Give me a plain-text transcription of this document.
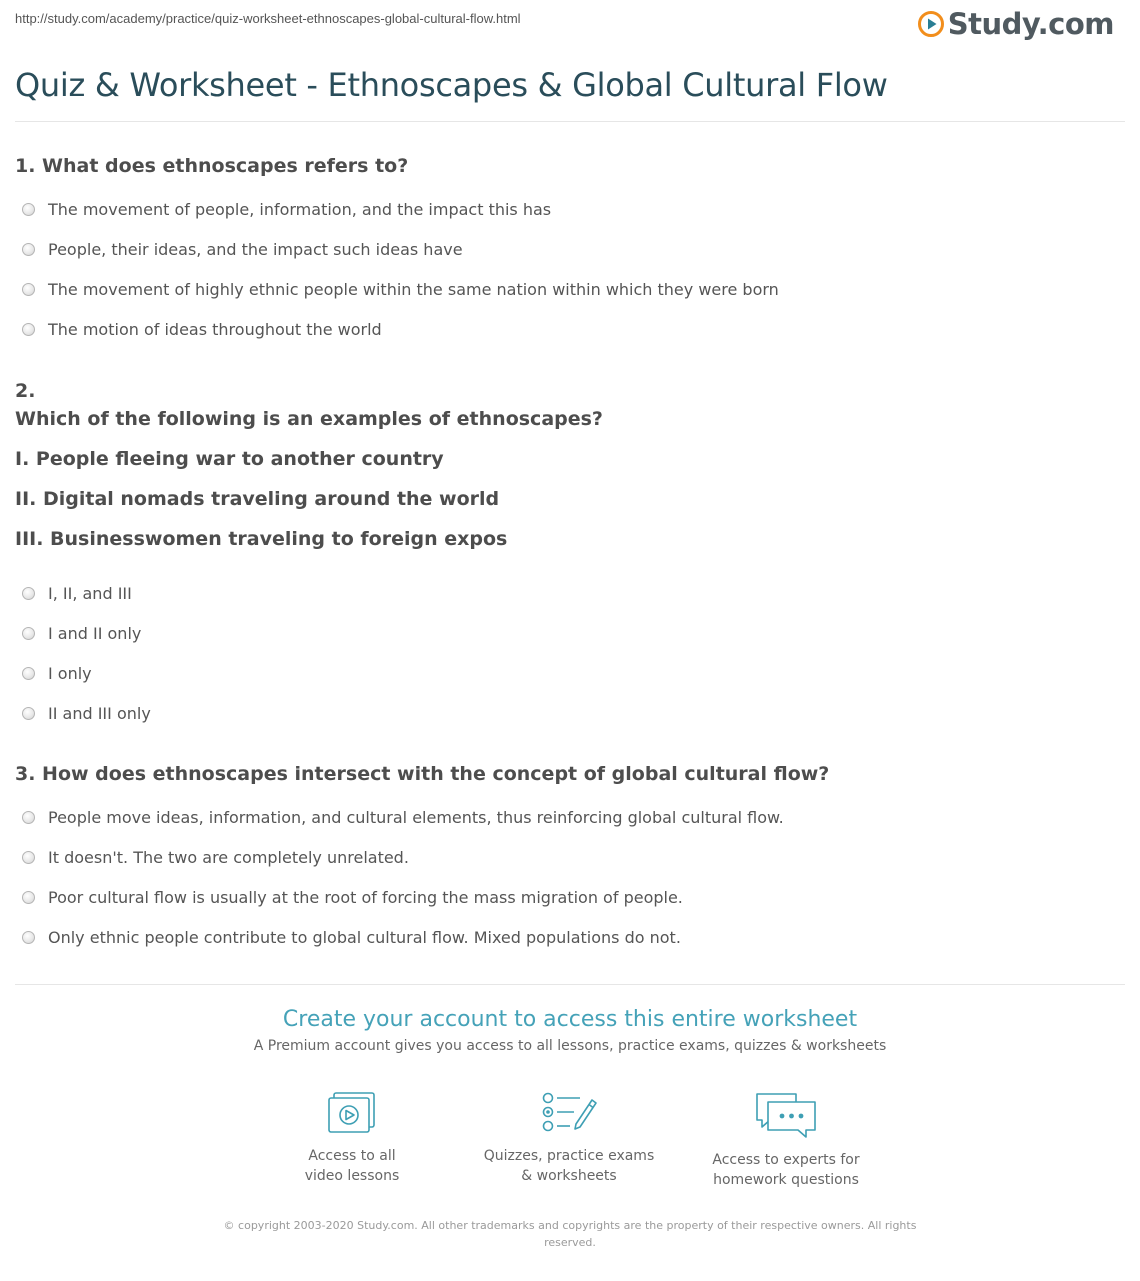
http://study.com/academy/practice/quiz-worksheet-ethnoscapes-global-cultural-flow.html	Study.com
Quiz & Worksheet - Ethnoscapes & Global Cultural Flow
1. What does ethnoscapes refers to?
The movement of people, information, and the impact this has
People, their ideas, and the impact such ideas have
The movement of highly ethnic people within the same nation within which they were born
The motion of ideas throughout the world
2.
Which of the following is an examples of ethnoscapes?
I. People fleeing war to another country
II. Digital nomads traveling around the world
III. Businesswomen traveling to foreign expos
I, II, and III
I and II only
I only
II and III only
3. How does ethnoscapes intersect with the concept of global cultural flow?
People move ideas, information, and cultural elements, thus reinforcing global cultural flow.
It doesn't. The two are completely unrelated.
Poor cultural flow is usually at the root of forcing the mass migration of people.
Only ethnic people contribute to global cultural flow. Mixed populations do not.
Create your account to access this entire worksheet
A Premium account gives you access to all lessons, practice exams, quizzes & worksheets
Access to all
video lessons
Quizzes, practice exams
& worksheets
Access to experts for
homework questions
© copyright 2003-2020 Study.com. All other trademarks and copyrights are the property of their respective owners. All rights reserved.
